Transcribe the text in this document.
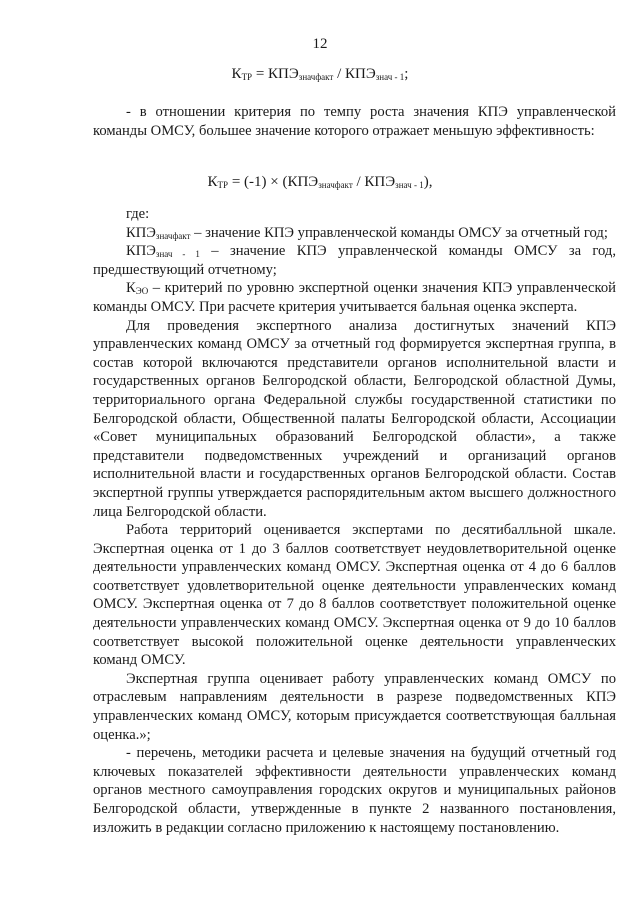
12
$К_{ТР} = КПЭ_{значфакт} / КПЭ_{знач - 1}$;

- в отношении критерия по темпу роста значения КПЭ управленческой команды ОМСУ, большее значение которого отражает меньшую эффективность:

$К_{ТР} = (-1) \times (КПЭ_{значфакт} / КПЭ_{знач - 1})$,

где:

$КПЭ_{значфакт}$ – значение КПЭ управленческой команды ОМСУ за отчетный год;

$КПЭ_{знач - 1}$ – значение КПЭ управленческой команды ОМСУ за год, предшествующий отчетному;

$К_{ЭО}$ – критерий по уровню экспертной оценки значения КПЭ управленческой команды ОМСУ. При расчете критерия учитывается бальная оценка эксперта.

Для проведения экспертного анализа достигнутых значений КПЭ управленческих команд ОМСУ за отчетный год формируется экспертная группа, в состав которой включаются представители органов исполнительной власти и государственных органов Белгородской области, Белгородской областной Думы, территориального органа Федеральной службы государственной статистики по Белгородской области, Общественной палаты Белгородской области, Ассоциации «Совет муниципальных образований Белгородской области», а также представители подведомственных учреждений и организаций органов исполнительной власти и государственных органов Белгородской области. Состав экспертной группы утверждается распорядительным актом высшего должностного лица Белгородской области.

Работа территорий оценивается экспертами по десятибалльной шкале. Экспертная оценка от 1 до 3 баллов соответствует неудовлетворительной оценке деятельности управленческих команд ОМСУ. Экспертная оценка от 4 до 6 баллов соответствует удовлетворительной оценке деятельности управленческих команд ОМСУ. Экспертная оценка от 7 до 8 баллов соответствует положительной оценке деятельности управленческих команд ОМСУ. Экспертная оценка от 9 до 10 баллов соответствует высокой положительной оценке деятельности управленческих команд ОМСУ.

Экспертная группа оценивает работу управленческих команд ОМСУ по отраслевым направлениям деятельности в разрезе подведомственных КПЭ управленческих команд ОМСУ, которым присуждается соответствующая балльная оценка.»;

- перечень, методики расчета и целевые значения на будущий отчетный год ключевых показателей эффективности деятельности управленческих команд органов местного самоуправления городских округов и муниципальных районов Белгородской области, утвержденные в пункте 2 названного постановления, изложить в редакции согласно приложению к настоящему постановлению.
